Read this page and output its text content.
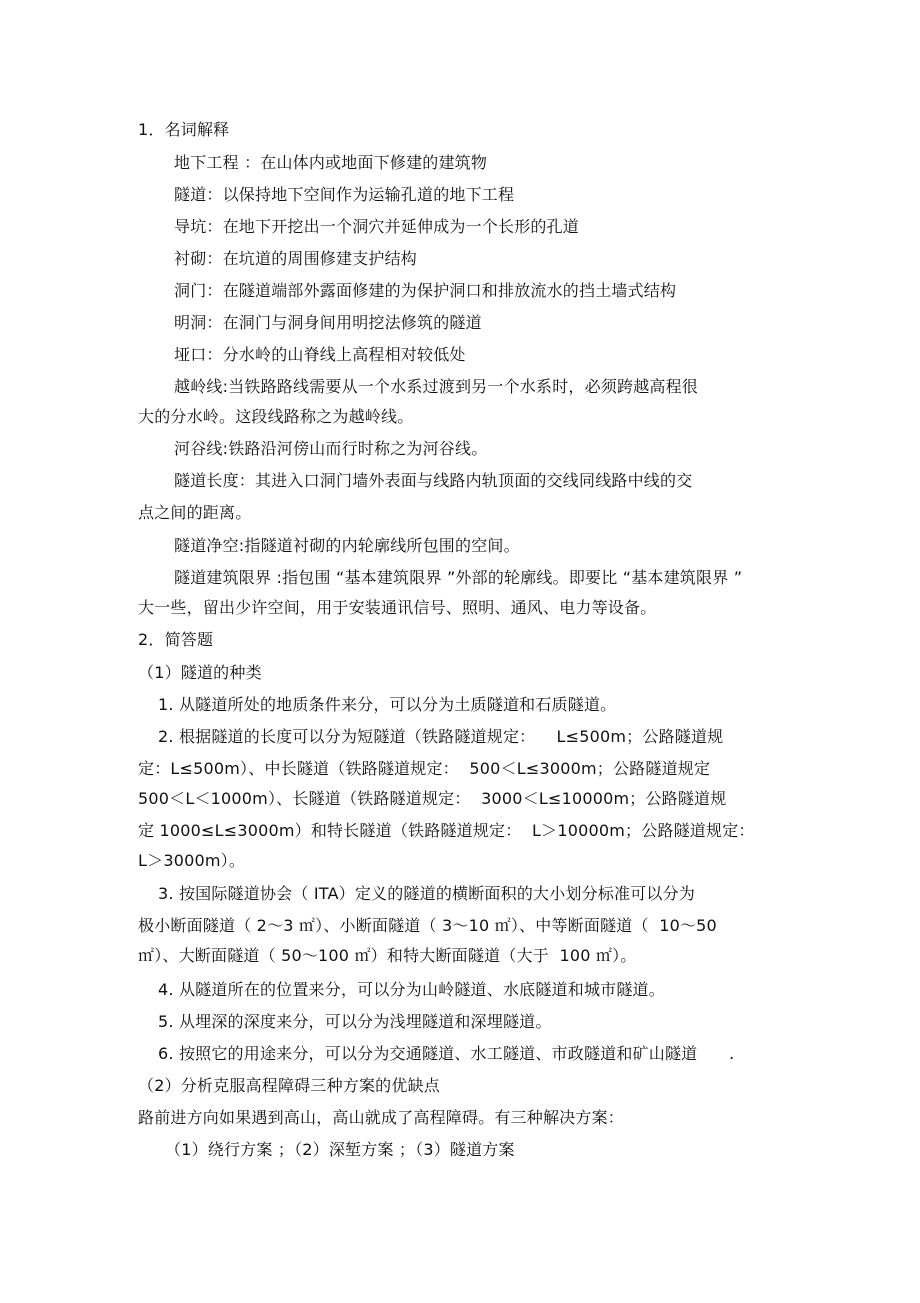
1．名词解释
地下工程 ：在山体内或地面下修建的建筑物
隧道：以保持地下空间作为运输孔道的地下工程
导坑：在地下开挖出一个洞穴并延伸成为一个长形的孔道
衬砌：在坑道的周围修建支护结构
洞门：在隧道端部外露面修建的为保护洞口和排放流水的挡土墙式结构
明洞：在洞门与洞身间用明挖法修筑的隧道
垭口：分水岭的山脊线上高程相对较低处
越岭线:当铁路路线需要从一个水系过渡到另一个水系时，必须跨越高程很
大的分水岭。这段线路称之为越岭线。
河谷线:铁路沿河傍山而行时称之为河谷线。
隧道长度：其进入口洞门墙外表面与线路内轨顶面的交线同线路中线的交
点之间的距离。
隧道净空:指隧道衬砌的内轮廓线所包围的空间。
隧道建筑限界 :指包围 “基本建筑限界 ”外部的轮廓线。即要比 “基本建筑限界 ”
大一些，留出少许空间，用于安装通讯信号、照明、通风、电力等设备。
2．简答题
（1）隧道的种类
1. 从隧道所处的地质条件来分，可以分为土质隧道和石质隧道。
2. 根据隧道的长度可以分为短隧道（铁路隧道规定：    L≤500m；公路隧道规
定：L≤500m）、中长隧道（铁路隧道规定：  500＜L≤3000m；公路隧道规定
500＜L＜1000m）、长隧道（铁路隧道规定：  3000＜L≤10000m；公路隧道规
定 1000≤L≤3000m）和特长隧道（铁路隧道规定：  L＞10000m；公路隧道规定：
L＞3000m）。
3. 按国际隧道协会（ ITA）定义的隧道的横断面积的大小划分标准可以分为
极小断面隧道（ 2～3 ㎡）、小断面隧道（ 3～10 ㎡）、中等断面隧道（  10～50
㎡）、大断面隧道（ 50～100 ㎡）和特大断面隧道（大于  100 ㎡）。
4. 从隧道所在的位置来分，可以分为山岭隧道、水底隧道和城市隧道。
5. 从埋深的深度来分，可以分为浅埋隧道和深埋隧道。
6. 按照它的用途来分，可以分为交通隧道、水工隧道、市政隧道和矿山隧道      .
（2）分析克服高程障碍三种方案的优缺点
路前进方向如果遇到高山，高山就成了高程障碍。有三种解决方案：
（1）绕行方案 ；（2）深堑方案 ；（3）隧道方案
